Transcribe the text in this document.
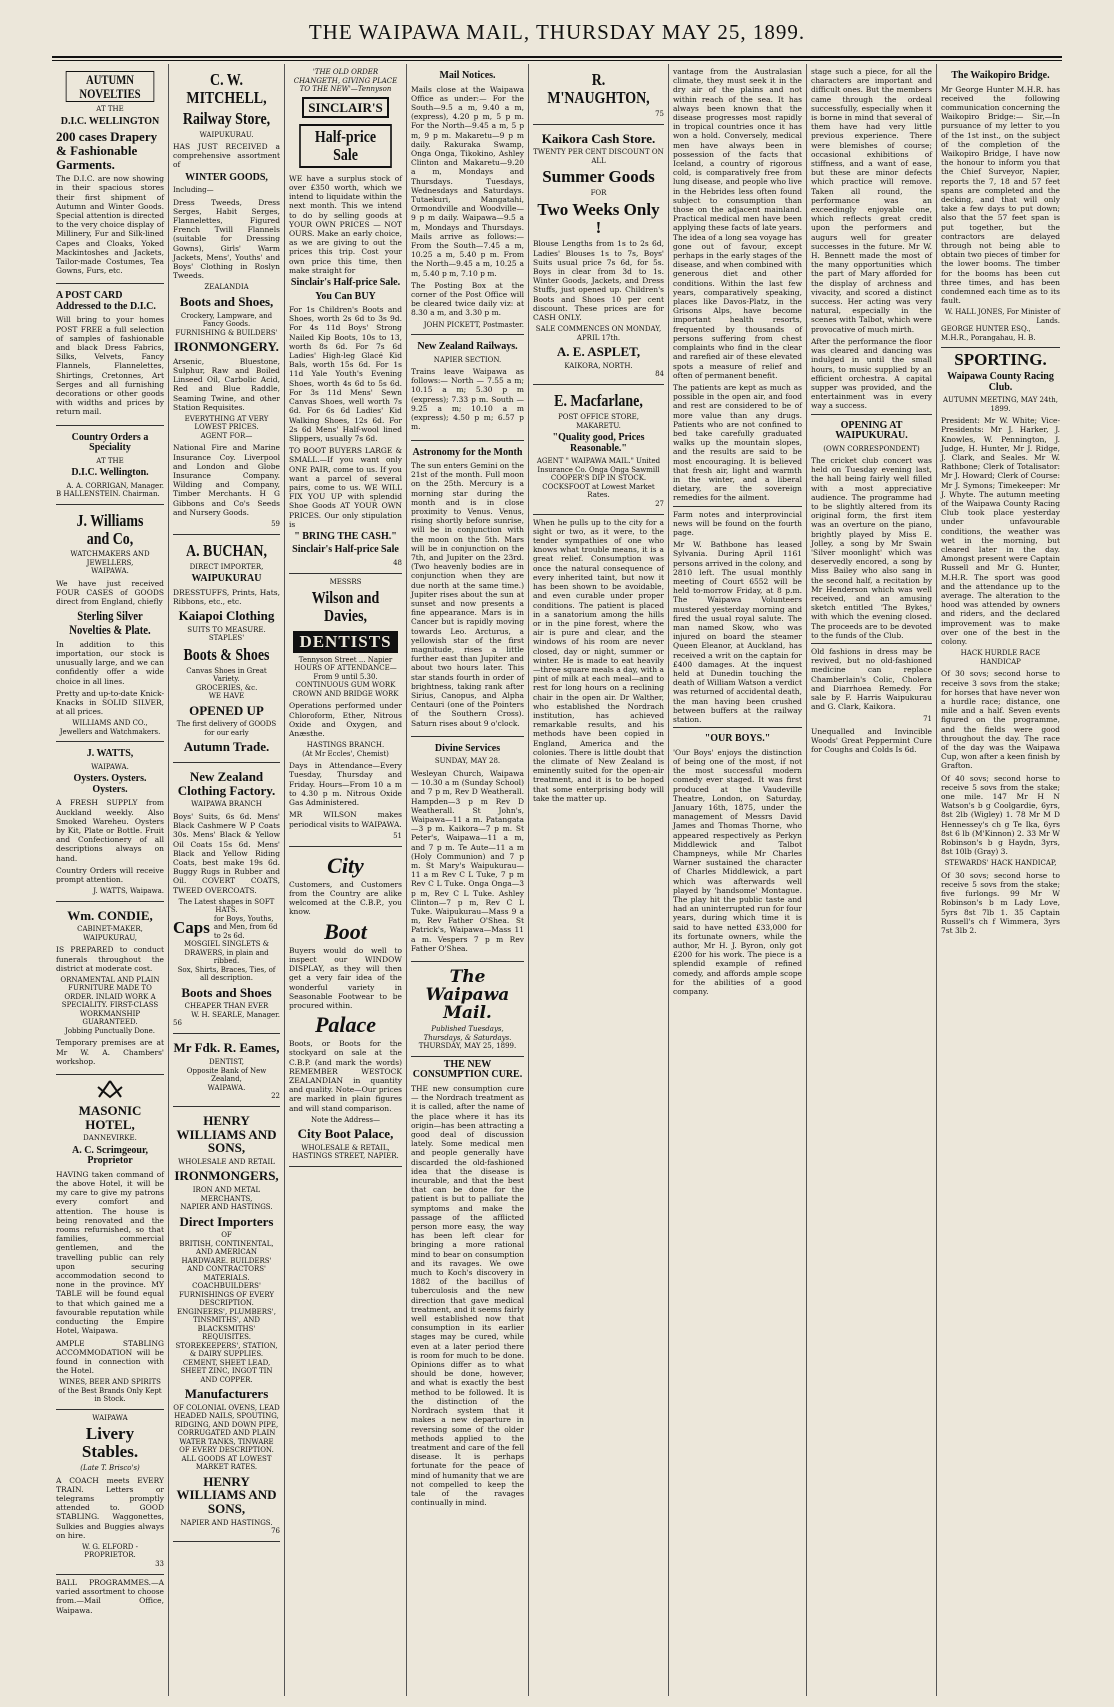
THE WAIPAWA MAIL, THURSDAY MAY 25, 1899.
AUTUMN NOVELTIES
AT THE
D.I.C. WELLINGTON
200 cases Drapery & Fashionable Garments.
The D.I.C. are now showing in their spacious stores their first shipment of Autumn and Winter Goods. Special attention is directed to the very choice display of Millinery, Fur and Silk-lined Capes and Cloaks, Yoked Mackintoshes and Jackets, Tailor-made Costumes, Tea Gowns, Furs, etc.
A POST CARD Addressed to the D.I.C.
Will bring to your homes POST FREE a full selection of samples of fashionable and black Dress Fabrics, Silks, Velvets, Fancy Flannels, Flannelettes, Shirtings, Cretonnes, Art Serges and all furnishing decorations or other goods with widths and prices by return mail.
Country Orders a Speciality
AT THE
D.I.C. Wellington.
A. A. CORRIGAN, Manager.
B HALLENSTEIN. Chairman.
J. Williams and Co,
WATCHMAKERS AND JEWELLERS,
WAIPAWA.
We have just received FOUR CASES of GOODS direct from England, chiefly
Sterling Silver Novelties & Plate.
In addition to this importation, our stock is unusually large, and we can confidently offer a wide choice in all lines.
Pretty and up-to-date Knick-Knacks in SOLID SILVER, at all prices.
WILLIAMS AND CO., Jewellers and Watchmakers.
J. WATTS,
WAIPAWA.
Oysters. Oysters. Oysters.
A FRESH SUPPLY from Auckland weekly. Also Smoked Wareheu. Oysters by Kit, Plate or Bottle. Fruit and Confectionery of all descriptions always on hand.
Country Orders will receive prompt attention.
J. WATTS, Waipawa.
Wm. CONDIE,
CABINET-MAKER, WAIPUKURAU,
IS PREPARED to conduct funerals throughout the district at moderate cost.
ORNAMENTAL AND PLAIN FURNITURE MADE TO ORDER. INLAID WORK A SPECIALITY. FIRST-CLASS WORKMANSHIP GUARANTEED.
Jobbing Punctually Done.
Temporary premises are at Mr W. A. Chambers' workshop.
MASONIC HOTEL,
DANNEVIRKE.
A. C. Scrimgeour, Proprietor
HAVING taken command of the above Hotel, it will be my care to give my patrons every comfort and attention. The house is being renovated and the rooms refurnished, so that families, commercial gentlemen, and the travelling public can rely upon securing accommodation second to none in the province. MY TABLE will be found equal to that which gained me a favourable reputation while conducting the Empire Hotel, Waipawa.
AMPLE STABLING ACCOMMODATION will be found in connection with the Hotel.
WINES, BEER AND SPIRITS of the Best Brands Only Kept in Stock.
WAIPAWA
Livery Stables.
(Late T. Brisco's)
A COACH meets EVERY TRAIN. Letters or telegrams promptly attended to. GOOD STABLING. Waggonettes, Sulkies and Buggies always on hire.
W. G. ELFORD - PROPRIETOR.
33
BALL PROGRAMMES.—A varied assortment to choose from.—Mail Office, Waipawa.
C. W. MITCHELL,
Railway Store,
WAIPUKURAU.
HAS JUST RECEIVED a comprehensive assortment of
WINTER GOODS,
Including—
Dress Tweeds, Dress Serges, Habit Serges, Flannelettes, Figured French Twill Flannels (suitable for Dressing Gowns), Girls' Warm Jackets, Mens', Youths' and Boys' Clothing in Roslyn Tweeds.
ZEALANDIA
Boots and Shoes,
Crockery, Lampware, and Fancy Goods.
FURNISHING & BUILDERS'
IRONMONGERY.
Arsenic, Bluestone, Sulphur, Raw and Boiled Linseed Oil, Carbolic Acid, Red and Blue Raddle, Seaming Twine, and other Station Requisites.
EVERYTHING AT VERY LOWEST PRICES.
AGENT FOR—
National Fire and Marine Insurance Coy. Liverpool and London and Globe Insurance Company. Wilding and Company, Timber Merchants. H G Gibbons and Co's Seeds and Nursery Goods.
59
A. BUCHAN,
DIRECT IMPORTER,
WAIPUKURAU
DRESSTUFFS, Prints, Hats, Ribbons, etc., etc.
Kaiapoi Clothing
SUITS TO MEASURE.
STAPLES'
Boots & Shoes
Canvas Shoes in Great Variety.
GROCERIES, &c.
WE HAVE
OPENED UP
The first delivery of GOODS for our early
Autumn Trade.
New Zealand Clothing Factory.
WAIPAWA BRANCH
Boys' Suits, 6s 6d. Mens' Black Cashmere W P Coats 30s. Mens' Black & Yellow Oil Coats 15s 6d. Mens' Black and Yellow Riding Coats, best make 19s 6d. Buggy Rugs in Rubber and Oil. COVERT COATS, TWEED OVERCOATS.
The Latest shapes in SOFT HATS.
Caps for Boys, Youths, and Men, from 6d to 2s 6d.
MOSGIEL SINGLETS & DRAWERS, in plain and ribbed.
Sox, Shirts, Braces, Ties, of all description.
Boots and Shoes
CHEAPER THAN EVER
W. H. SEARLE, Manager.
56
Mr Fdk. R. Eames,
DENTIST,
Opposite Bank of New Zealand,
WAIPAWA.
22
HENRY WILLIAMS AND SONS,
WHOLESALE AND RETAIL
IRONMONGERS,
IRON AND METAL MERCHANTS,
NAPIER AND HASTINGS.
Direct Importers
OF
BRITISH, CONTINENTAL, AND AMERICAN HARDWARE. BUILDERS' AND CONTRACTORS' MATERIALS. COACHBUILDERS' FURNISHINGS OF EVERY DESCRIPTION. ENGINEERS', PLUMBERS', TINSMITHS', AND BLACKSMITHS' REQUISITES. STOREKEEPERS', STATION, & DAIRY SUPPLIES. CEMENT, SHEET LEAD, SHEET ZINC, INGOT TIN AND COPPER.
Manufacturers
OF COLONIAL OVENS, LEAD HEADED NAILS, SPOUTING, RIDGING, AND DOWN PIPE, CORRUGATED AND PLAIN WATER TANKS, TINWARE OF EVERY DESCRIPTION.
ALL GOODS AT LOWEST MARKET RATES.
HENRY WILLIAMS AND SONS,
NAPIER AND HASTINGS.
76
'THE OLD ORDER CHANGETH, GIVING PLACE TO THE NEW'—Tennyson
SINCLAIR'S
Half-price Sale
WE have a surplus stock of over £350 worth, which we intend to liquidate within the next month. This we intend to do by selling goods at YOUR OWN PRICES — NOT OURS. Make an early choice, as we are giving to out the prices this trip. Cost your own price this time, then make straight for
Sinclair's Half-price Sale.
You Can BUY
For 1s Children's Boots and Shoes, worth 2s 6d to 3s 9d. For 4s 11d Boys' Strong Nailed Kip Boots, 10s to 13, worth 8s 6d. For 7s 6d Ladies' High-leg Glacé Kid Bals, worth 15s 6d. For 1s 11d Yale Youth's Evening Shoes, worth 4s 6d to 5s 6d. For 3s 11d Mens' Sewn Canvas Shoes, well worth 7s 6d. For 6s 6d Ladies' Kid Walking Shoes, 12s 6d. For 2s 6d Mens' Half-wool lined Slippers, usually 7s 6d.
TO BOOT BUYERS LARGE & SMALL.—If you want only ONE PAIR, come to us. If you want a parcel of several pairs, come to us. WE WILL FIX YOU UP with splendid Shoe Goods AT YOUR OWN PRICES. Our only stipulation is
" BRING THE CASH."
Sinclair's Half-price Sale
48
MESSRS
Wilson and Davies,
DENTISTS
Tennyson Street ... Napier
HOURS OF ATTENDANCE— From 9 until 5.30.
CONTINUOUS GUM WORK CROWN AND BRIDGE WORK
Operations performed under Chloroform, Ether, Nitrous Oxide and Oxygen, and Anæsthe.
HASTINGS BRANCH.
(At Mr Eccles', Chemist)
Days in Attendance—Every Tuesday, Thursday and Friday. Hours—From 10 a m to 4.30 p m. Nitrous Oxide Gas Administered.
MR WILSON makes periodical visits to WAIPAWA.
51
City
Customers, and Customers from the Country are alike welcomed at the C.B.P., you know.
Boot
Buyers would do well to inspect our WINDOW DISPLAY, as they will then get a very fair idea of the wonderful variety in Seasonable Footwear to be procured within.
Palace
Boots, or Boots for the stockyard on sale at the C.B.P. (and mark the words) REMEMBER WESTOCK ZEALANDIAN in quantity and quality. Note—Our prices are marked in plain figures and will stand comparison.
Note the Address—
City Boot Palace,
WHOLESALE & RETAIL,
HASTINGS STREET, NAPIER.
Mail Notices.
Mails close at the Waipawa Office as under:— For the South—9.5 a m, 9.40 a m, (express), 4.20 p m, 5 p m. For the North—9.45 a m, 5 p m, 9 p m. Makaretu—9 p m daily. Rakuraka Swamp, Onga Onga, Tikokino, Ashley Clinton and Makaretu—9.20 a m, Mondays and Thursdays. Tuesdays, Wednesdays and Saturdays. Tutaekuri, Mangatahi, Ormondville and Woodville—9 p m daily. Waipawa—9.5 a m, Mondays and Thursdays. Mails arrive as follows:— From the South—7.45 a m, 10.25 a m, 5.40 p m. From the North—9.45 a m, 10.25 a m, 5.40 p m, 7.10 p m.
The Posting Box at the corner of the Post Office will be cleared twice daily viz: at 8.30 a m, and 3.30 p m.
JOHN PICKETT, Postmaster.
New Zealand Railways.
NAPIER SECTION.
Trains leave Waipawa as follows:— North — 7.55 a m; 10.15 a m; 5.30 p m (express); 7.33 p m. South — 9.25 a m; 10.10 a m (express); 4.50 p m; 6.57 p m.
Astronomy for the Month
The sun enters Gemini on the 21st of the month. Full moon on the 25th. Mercury is a morning star during the month and is in close proximity to Venus. Venus, rising shortly before sunrise, will be in conjunction with the moon on the 5th. Mars will be in conjunction on the 7th, and Jupiter on the 23rd. (Two heavenly bodies are in conjunction when they are due north at the same time.) Jupiter rises about the sun at sunset and now presents a fine appearance. Mars is in Cancer but is rapidly moving towards Leo. Arcturus, a yellowish star of the first magnitude, rises a little further east than Jupiter and about two hours later. This star stands fourth in order of brightness, taking rank after Sirius, Canopus, and Alpha Centauri (one of the Pointers of the Southern Cross). Saturn rises about 9 o'clock.
Divine Services
SUNDAY, MAY 28.
Wesleyan Church, Waipawa — 10.30 a m (Sunday School) and 7 p m, Rev D Weatherall. Hampden—3 p m Rev D Weatherall. St John's, Waipawa—11 a m. Patangata—3 p m. Kaikora—7 p m. St Peter's, Waipawa—11 a m, and 7 p m. Te Aute—11 a m (Holy Communion) and 7 p m. St Mary's Waipukurau—11 a m Rev C L Tuke, 7 p m Rev C L Tuke. Onga Onga—3 p m, Rev C L Tuke. Ashley Clinton—7 p m, Rev C L Tuke. Waipukurau—Mass 9 a m, Rev Father O'Shea. St Patrick's, Waipawa—Mass 11 a m. Vespers 7 p m Rev Father O'Shea.
The Waipawa Mail.
Published Tuesdays, Thursdays, & Saturdays.
THURSDAY, MAY 25, 1899.
THE NEW CONSUMPTION CURE.
THE new consumption cure — the Nordrach treatment as it is called, after the name of the place where it has its origin—has been attracting a good deal of discussion lately. Some medical men and people generally have discarded the old-fashioned idea that the disease is incurable, and that the best that can be done for the patient is but to palliate the symptoms and make the passage of the afflicted person more easy, the way has been left clear for bringing a more rational mind to bear on consumption and its ravages. We owe much to Koch's discovery in 1882 of the bacillus of tuberculosis and the new direction that gave medical treatment, and it seems fairly well established now that consumption in its earlier stages may be cured, while even at a later period there is room for much to be done. Opinions differ as to what should be done, however, and what is exactly the best method to be followed. It is the distinction of the Nordrach system that it makes a new departure in reversing some of the older methods applied to the treatment and care of the fell disease. It is perhaps fortunate for the peace of mind of humanity that we are not compelled to keep the tale of the ravages continually in mind.
R. M'NAUGHTON,
75
Kaikora Cash Store.
TWENTY PER CENT DISCOUNT ON ALL
Summer Goods
FOR
Two Weeks Only !
Blouse Lengths from 1s to 2s 6d, Ladies' Blouses 1s to 7s, Boys' Suits usual price 7s 6d, for 5s. Boys in clear from 3d to 1s. Winter Goods, Jackets, and Dress Stuffs, just opened up. Children's Boots and Shoes 10 per cent discount. These prices are for CASH ONLY.
SALE COMMENCES ON MONDAY, APRIL 17th.
A. E. ASPLET,
KAIKORA, NORTH.
84
E. Macfarlane,
POST OFFICE STORE,
MAKARETU.
"Quality good, Prices Reasonable."
AGENT " WAIPAWA MAIL." United Insurance Co. Onga Onga Sawmill
COOPER'S DIP IN STOCK.
COCKSFOOT at Lowest Market Rates.
27
When he pulls up to the city for a sight or two, as it were, to the tender sympathies of one who knows what trouble means, it is a great relief. Consumption was once the natural consequence of every inherited taint, but now it has been shown to be avoidable, and even curable under proper conditions. The patient is placed in a sanatorium among the hills or in the pine forest, where the air is pure and clear, and the windows of his room are never closed, day or night, summer or winter. He is made to eat heavily—three square meals a day, with a pint of milk at each meal—and to rest for long hours on a reclining chair in the open air. Dr Walther, who established the Nordrach institution, has achieved remarkable results, and his methods have been copied in England, America and the colonies. There is little doubt that the climate of New Zealand is eminently suited for the open-air treatment, and it is to be hoped that some enterprising body will take the matter up.
vantage from the Australasian climate, they must seek it in the dry air of the plains and not within reach of the sea. It has always been known that the disease progresses most rapidly in tropical countries once it has won a hold. Conversely, medical men have always been in possession of the facts that Iceland, a country of rigorous cold, is comparatively free from lung disease, and people who live in the Hebrides less often found subject to consumption than those on the adjacent mainland. Practical medical men have been applying these facts of late years. The idea of a long sea voyage has gone out of favour, except perhaps in the early stages of the disease, and when combined with generous diet and other conditions. Within the last few years, comparatively speaking, places like Davos-Platz, in the Grisons Alps, have become important health resorts, frequented by thousands of persons suffering from chest complaints who find in the clear and rarefied air of these elevated spots a measure of relief and often of permanent benefit.
The patients are kept as much as possible in the open air, and food and rest are considered to be of more value than any drugs. Patients who are not confined to bed take carefully graduated walks up the mountain slopes, and the results are said to be most encouraging. It is believed that fresh air, light and warmth in the winter, and a liberal dietary, are the sovereign remedies for the ailment.
Farm notes and interprovincial news will be found on the fourth page.
Mr W. Bathbone has leased Sylvania. During April 1161 persons arrived in the colony, and 2810 left. The usual monthly meeting of Court 6552 will be held to-morrow Friday, at 8 p.m. The Waipawa Volunteers mustered yesterday morning and fired the usual royal salute. The man named Skow, who was injured on board the steamer Queen Eleanor, at Auckland, has received a writ on the captain for £400 damages. At the inquest held at Dunedin touching the death of William Watson a verdict was returned of accidental death, the man having been crushed between buffers at the railway station.
"OUR BOYS."
'Our Boys' enjoys the distinction of being one of the most, if not the most successful modern comedy ever staged. It was first produced at the Vaudeville Theatre, London, on Saturday, January 16th, 1875, under the management of Messrs David James and Thomas Thorne, who appeared respectively as Perkyn Middlewick and Talbot Champneys, while Mr Charles Warner sustained the character of Charles Middlewick, a part which was afterwards well played by 'handsome' Montague. The play hit the public taste and had an uninterrupted run for four years, during which time it is said to have netted £33,000 for its fortunate owners, while the author, Mr H. J. Byron, only got £200 for his work. The piece is a splendid example of refined comedy, and affords ample scope for the abilities of a good company.
stage such a piece, for all the characters are important and difficult ones. But the members came through the ordeal successfully, especially when it is borne in mind that several of them have had very little previous experience. There were blemishes of course; occasional exhibitions of stiffness, and a want of ease, but these are minor defects which practice will remove. Taken all round, the performance was an exceedingly enjoyable one, which reflects great credit upon the performers and augurs well for greater successes in the future. Mr W. H. Bennett made the most of the many opportunities which the part of Mary afforded for the display of archness and vivacity, and scored a distinct success. Her acting was very natural, especially in the scenes with Talbot, which were provocative of much mirth.
After the performance the floor was cleared and dancing was indulged in until the small hours, to music supplied by an efficient orchestra. A capital supper was provided, and the entertainment was in every way a success.
OPENING AT WAIPUKURAU.
(OWN CORRESPONDENT)
The cricket club concert was held on Tuesday evening last, the hall being fairly well filled with a most appreciative audience. The programme had to be slightly altered from its original form, the first item was an overture on the piano, brightly played by Miss E. Jolley, a song by Mr Swain 'Silver moonlight' which was deservedly encored, a song by Miss Bailey who also sang in the second half, a recitation by Mr Henderson which was well received, and an amusing sketch entitled 'The Bykes,' with which the evening closed. The proceeds are to be devoted to the funds of the Club.
Old fashions in dress may be revived, but no old-fashioned medicine can replace Chamberlain's Colic, Cholera and Diarrhoea Remedy. For sale by F. Harris Waipukurau and G. Clark, Kaikora.
71
Unequalled and Invincible Woods' Great Peppermint Cure for Coughs and Colds Is 6d.
The Waikopiro Bridge.
Mr George Hunter M.H.R. has received the following communication concerning the Waikopiro Bridge:— Sir,—In pursuance of my letter to you of the 1st inst., on the subject of the completion of the Waikopiro Bridge, I have now the honour to inform you that the Chief Surveyor, Napier, reports the 7, 18 and 57 feet spans are completed and the decking, and that will only take a few days to put down; also that the 57 feet span is put together, but the contractors are delayed through not being able to obtain two pieces of timber for the lower booms. The timber for the booms has been cut three times, and has been condemned each time as to its fault.
W. HALL JONES, For Minister of Lands.
GEORGE HUNTER ESQ., M.H.R., Porangahau, H. B.
SPORTING.
Waipawa County Racing Club.
AUTUMN MEETING, MAY 24th, 1899.
President: Mr W. White; Vice-Presidents: Mr J. Harker, J. Knowles, W. Pennington, J. Judge, H. Hunter, Mr J. Ridge, J. Clark, and Seales. Mr W. Rathbone; Clerk of Totalisator: Mr J. Howard; Clerk of Course: Mr J. Symons; Timekeeper: Mr J. Whyte. The autumn meeting of the Waipawa County Racing Club took place yesterday under unfavourable conditions, the weather was wet in the morning, but cleared later in the day. Amongst present were Captain Russell and Mr G. Hunter, M.H.R. The sport was good and the attendance up to the average. The alteration to the hood was attended by owners and riders, and the declared improvement was to make over one of the best in the colony.
HACK HURDLE RACE HANDICAP
Of 30 sovs; second horse to receive 3 sovs from the stake; for horses that have never won a hurdle race; distance, one mile and a half. Seven events figured on the programme, and the fields were good throughout the day. The race of the day was the Waipawa Cup, won after a keen finish by Grafton.
Of 40 sovs; second horse to receive 5 sovs from the stake; one mile. 147 Mr H N Watson's b g Coolgardie, 6yrs, 8st 2lb (Wigley) 1. 78 Mr M D Hennessey's ch g Te Ika, 6yrs 8st 6 lb (M'Kinnon) 2. 33 Mr W Robinson's b g Haydn, 3yrs, 8st 10lb (Gray) 3.
STEWARDS' HACK HANDICAP,
Of 30 sovs; second horse to receive 5 sovs from the stake; five furlongs. 99 Mr W Robinson's b m Lady Love, 5yrs 8st 7lb 1. 35 Captain Russell's ch f Wimmera, 3yrs 7st 3lb 2.
